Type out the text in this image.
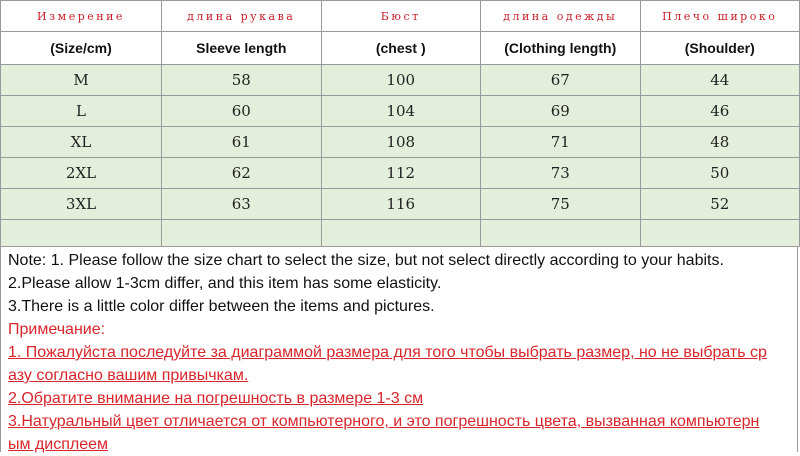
Измерение	длина рукава	Бюст	длина одежды	Плечо широко
(Size/cm)	Sleeve length	(chest )	(Clothing length)	(Shoulder)
M	58	100	67	44
L	60	104	69	46
XL	61	108	71	48
2XL	62	112	73	50
3XL	63	116	75	52

Note: 1. Please follow the size chart to select the size, but not select directly according to your habits.
2.Please allow 1-3cm differ, and this item has some elasticity.
3.There is a little color differ between the items and pictures.
Примечание:
1. Пожалуйста последуйте за диаграммой размера для того чтобы выбрать размер, но не выбрать ср
азу согласно вашим привычкам.
2.Обратите внимание на погрешность в размере 1-3 см
3.Натуральный цвет отличается от компьютерного, и это погрешность цвета, вызванная компьютерн
ым дисплеем
